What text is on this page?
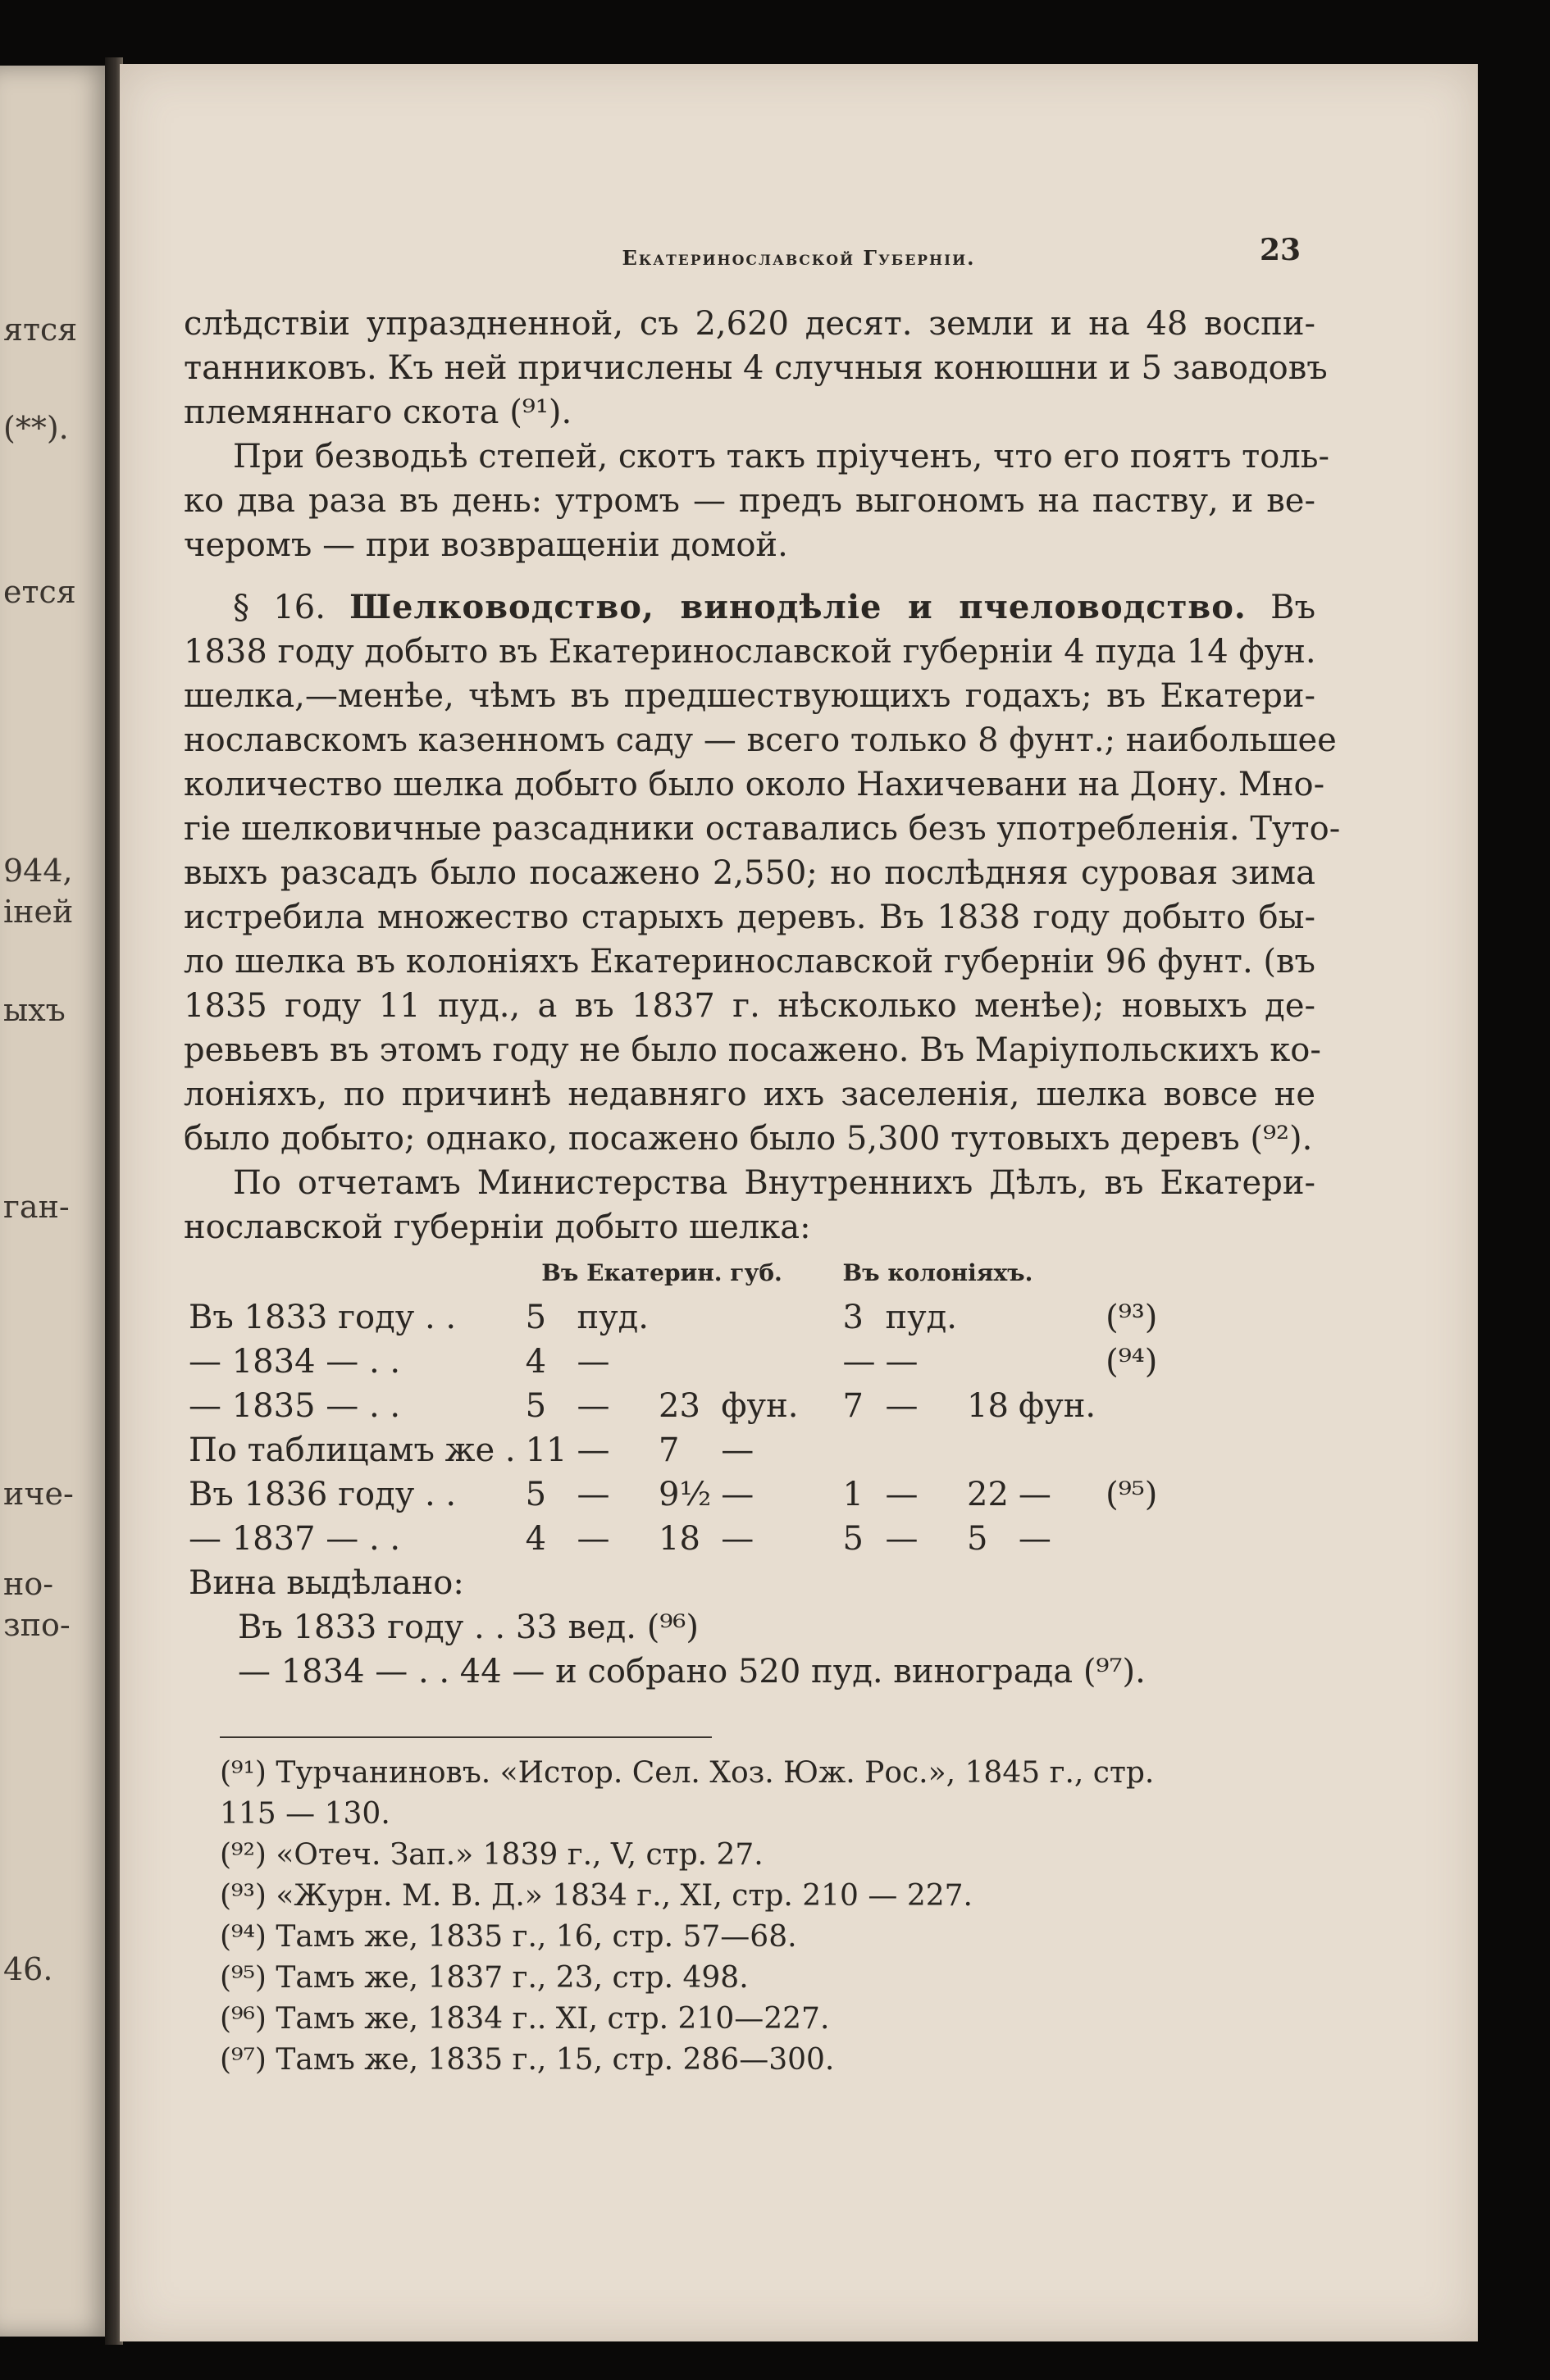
ятся
(**).
ется
944,
іней
ыхъ
ган-
иче-
но-
зпо-
46.
Екатеринославской Губерніи.	23
слѣдствіи упраздненной, съ 2,620 десят. земли и на 48 воспи-
танниковъ. Къ ней причислены 4 случныя конюшни и 5 заводовъ
племяннаго скота (⁹¹).
При безводьѣ степей, скотъ такъ пріученъ, что его поятъ толь-
ко два раза въ день: утромъ — предъ выгономъ на паству, и ве-
черомъ — при возвращеніи домой.
§ 16. Шелководство, винодѣліе и пчеловодство. Въ
1838 году добыто въ Екатеринославской губерніи 4 пуда 14 фун.
шелка,—менѣе, чѣмъ въ предшествующихъ годахъ; въ Екатери-
нославскомъ казенномъ саду — всего только 8 фунт.; наибольшее
количество шелка добыто было около Нахичевани на Дону. Мно-
гіе шелковичные разсадники оставались безъ употребленія. Туто-
выхъ разсадъ было посажено 2,550; но послѣдняя суровая зима
истребила множество старыхъ деревъ. Въ 1838 году добыто бы-
ло шелка въ колоніяхъ Екатеринославской губерніи 96 фунт. (въ
1835 году 11 пуд., а въ 1837 г. нѣсколько менѣе); новыхъ де-
ревьевъ въ этомъ году не было посажено. Въ Маріупольскихъ ко-
лоніяхъ, по причинѣ недавняго ихъ заселенія, шелка вовсе не
было добыто; однако, посажено было 5,300 тутовыхъ деревъ (⁹²).
По отчетамъ Министерства Внутреннихъ Дѣлъ, въ Екатери-
нославской губерніи добыто шелка:
	Въ Екатерин. губ.					Въ колоніяхъ.				
Въ 1833 году . .	5	пуд.				3	пуд.			(⁹³)
— 1834 — . .	4	—				—	—			(⁹⁴)
— 1835 — . .	5	—	23	фун.		7	—	18	фун.	
По таблицамъ же .	11	—	7	—						
Въ 1836 году . .	5	—	9½	—		1	—	22	—	(⁹⁵)
— 1837 — . .	4	—	18	—		5	—	5	—	
Вина выдѣлано:
Въ 1833 году . . 33 вед. (⁹⁶)
— 1834 — . . 44 — и собрано 520 пуд. винограда (⁹⁷).
(⁹¹) Турчаниновъ. «Истор. Сел. Хоз. Юж. Рос.», 1845 г., стр.
115 — 130.
(⁹²) «Отеч. Зап.» 1839 г., V, стр. 27.
(⁹³) «Журн. М. В. Д.» 1834 г., XI, стр. 210 — 227.
(⁹⁴) Тамъ же, 1835 г., 16, стр. 57—68.
(⁹⁵) Тамъ же, 1837 г., 23, стр. 498.
(⁹⁶) Тамъ же, 1834 г.. XI, стр. 210—227.
(⁹⁷) Тамъ же, 1835 г., 15, стр. 286—300.
